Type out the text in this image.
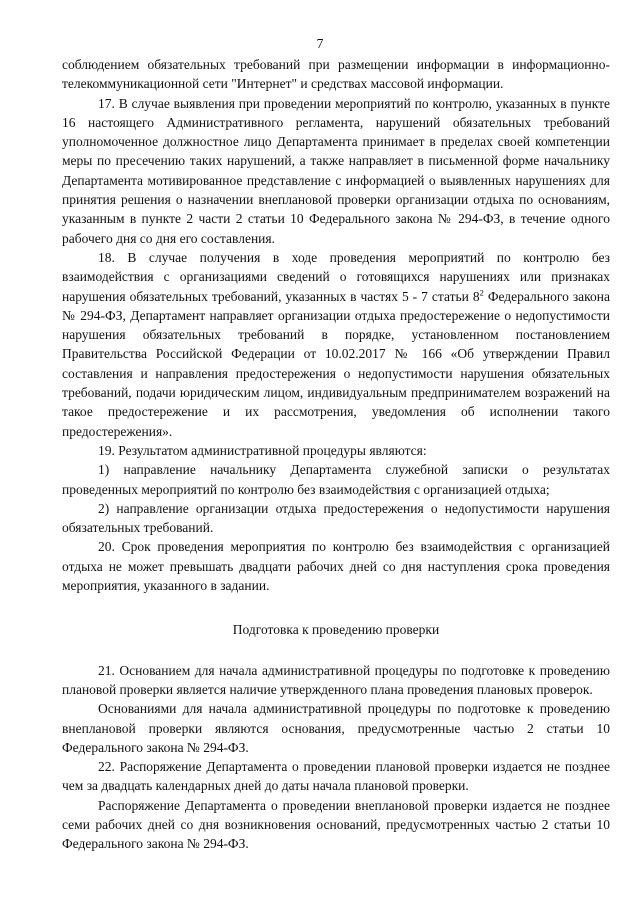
7

соблюдением обязательных требований при размещении информации в информационно-телекоммуникационной сети "Интернет" и средствах массовой информации.

17. В случае выявления при проведении мероприятий по контролю, указанных в пункте 16 настоящего Административного регламента, нарушений обязательных требований уполномоченное должностное лицо Департамента принимает в пределах своей компетенции меры по пресечению таких нарушений, а также направляет в письменной форме начальнику Департамента мотивированное представление с информацией о выявленных нарушениях для принятия решения о назначении внеплановой проверки организации отдыха по основаниям, указанным в пункте 2 части 2 статьи 10 Федерального закона № 294-ФЗ, в течение одного рабочего дня со дня его составления.

18. В случае получения в ходе проведения мероприятий по контролю без взаимодействия с организациями сведений о готовящихся нарушениях или признаках нарушения обязательных требований, указанных в частях 5 - 7 статьи $8^2$ Федерального закона № 294-ФЗ, Департамент направляет организации отдыха предостережение о недопустимости нарушения обязательных требований в порядке, установленном постановлением Правительства Российской Федерации от 10.02.2017 № 166 «Об утверждении Правил составления и направления предостережения о недопустимости нарушения обязательных требований, подачи юридическим лицом, индивидуальным предпринимателем возражений на такое предостережение и их рассмотрения, уведомления об исполнении такого предостережения».

19. Результатом административной процедуры являются:

1) направление начальнику Департамента служебной записки о результатах проведенных мероприятий по контролю без взаимодействия с организацией отдыха;

2) направление организации отдыха предостережения о недопустимости нарушения обязательных требований.

20. Срок проведения мероприятия по контролю без взаимодействия с организацией отдыха не может превышать двадцати рабочих дней со дня наступления срока проведения мероприятия, указанного в задании.

Подготовка к проведению проверки

21. Основанием для начала административной процедуры по подготовке к проведению плановой проверки является наличие утвержденного плана проведения плановых проверок.

Основаниями для начала административной процедуры по подготовке к проведению внеплановой проверки являются основания, предусмотренные частью 2 статьи 10 Федерального закона № 294-ФЗ.

22. Распоряжение Департамента о проведении плановой проверки издается не позднее чем за двадцать календарных дней до даты начала плановой проверки.

Распоряжение Департамента о проведении внеплановой проверки издается не позднее семи рабочих дней со дня возникновения оснований, предусмотренных частью 2 статьи 10 Федерального закона № 294-ФЗ.
